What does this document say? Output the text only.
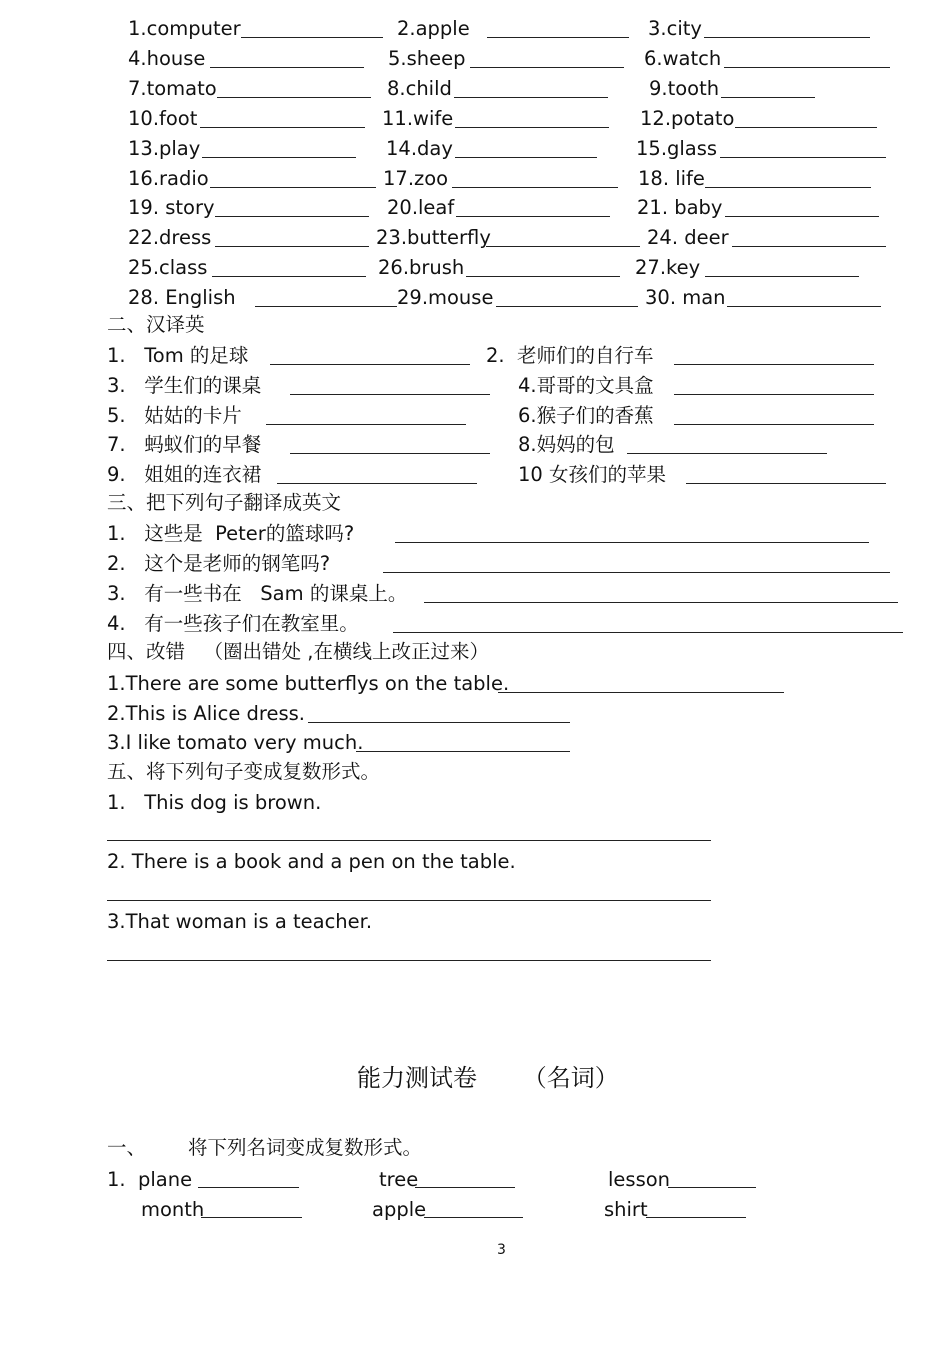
1.computer	2.apple	3.city
4.house	5.sheep	6.watch
7.tomato	8.child	9.tooth
10.foot	11.wife	12.potato
13.play	14.day	15.glass
16.radio	17.zoo	18. life
19. story	20.leaf	21. baby
22.dress	23.butterfly	24. deer
25.class	26.brush	27.key
28. English	29.mouse	30. man
二、汉译英
1.   Tom 的足球	2.  老师们的自行车
3.   学生们的课桌	4.哥哥的文具盒
5.   姑姑的卡片	6.猴子们的香蕉
7.   蚂蚁们的早餐	8.妈妈的包
9.   姐姐的连衣裙	10 女孩们的苹果
三、把下列句子翻译成英文
1.   这些是  Peter的篮球吗?
2.   这个是老师的钢笔吗?
3.   有一些书在   Sam 的课桌上。
4.   有一些孩子们在教室里。
四、改错   （圈出错处 ,在横线上改正过来）
1.There are some butterflys on the table.
2.This is Alice dress.
3.I like tomato very much.
五、将下列句子变成复数形式。
1.   This dog is brown.
2. There is a book and a pen on the table.
3.That woman is a teacher.
能力测试卷      （名词）
一、 将下列名词变成复数形式。
1.  plane	tree	lesson
month	apple	shirt
3
